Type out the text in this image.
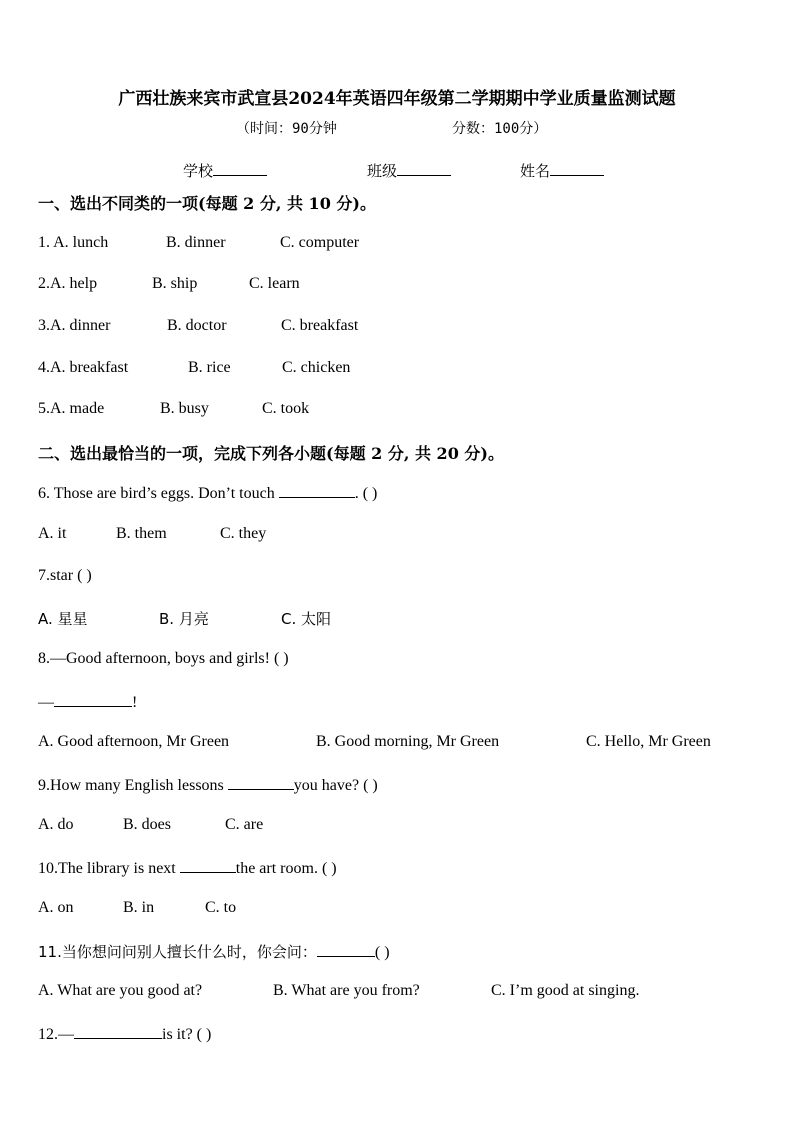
广西壮族来宾市武宣县2024年英语四年级第二学期期中学业质量监测试题
（时间：90分钟	分数：100分）
学校	班级	姓名
一、选出不同类的一项(每题 2 分, 共 10 分)。
1. A. lunch	B. dinner	C. computer
2.A. help	B. ship	C. learn
3.A. dinner	B. doctor	C. breakfast
4.A. breakfast	B. rice	C. chicken
5.A. made	B. busy	C. took
二、选出最恰当的一项，完成下列各小题(每题 2 分, 共 20 分)。
6. Those are bird’s eggs. Don’t touch	. ( )
A. it	B. them	C. they
7.star ( )
A. 星星	B. 月亮	C. 太阳
8.—Good afternoon, boys and girls! ( )
—	!
A. Good afternoon, Mr Green	B. Good morning, Mr Green	C. Hello, Mr Green
9.How many English lessons	you have? ( )
A. do	B. does	C. are
10.The library is next	the art room. ( )
A. on	B. in	C. to
11.当你想问问别人擅长什么时，你会问：	( )
A. What are you good at?	B. What are you from?	C. I’m good at singing.
12.—	is it? ( )
